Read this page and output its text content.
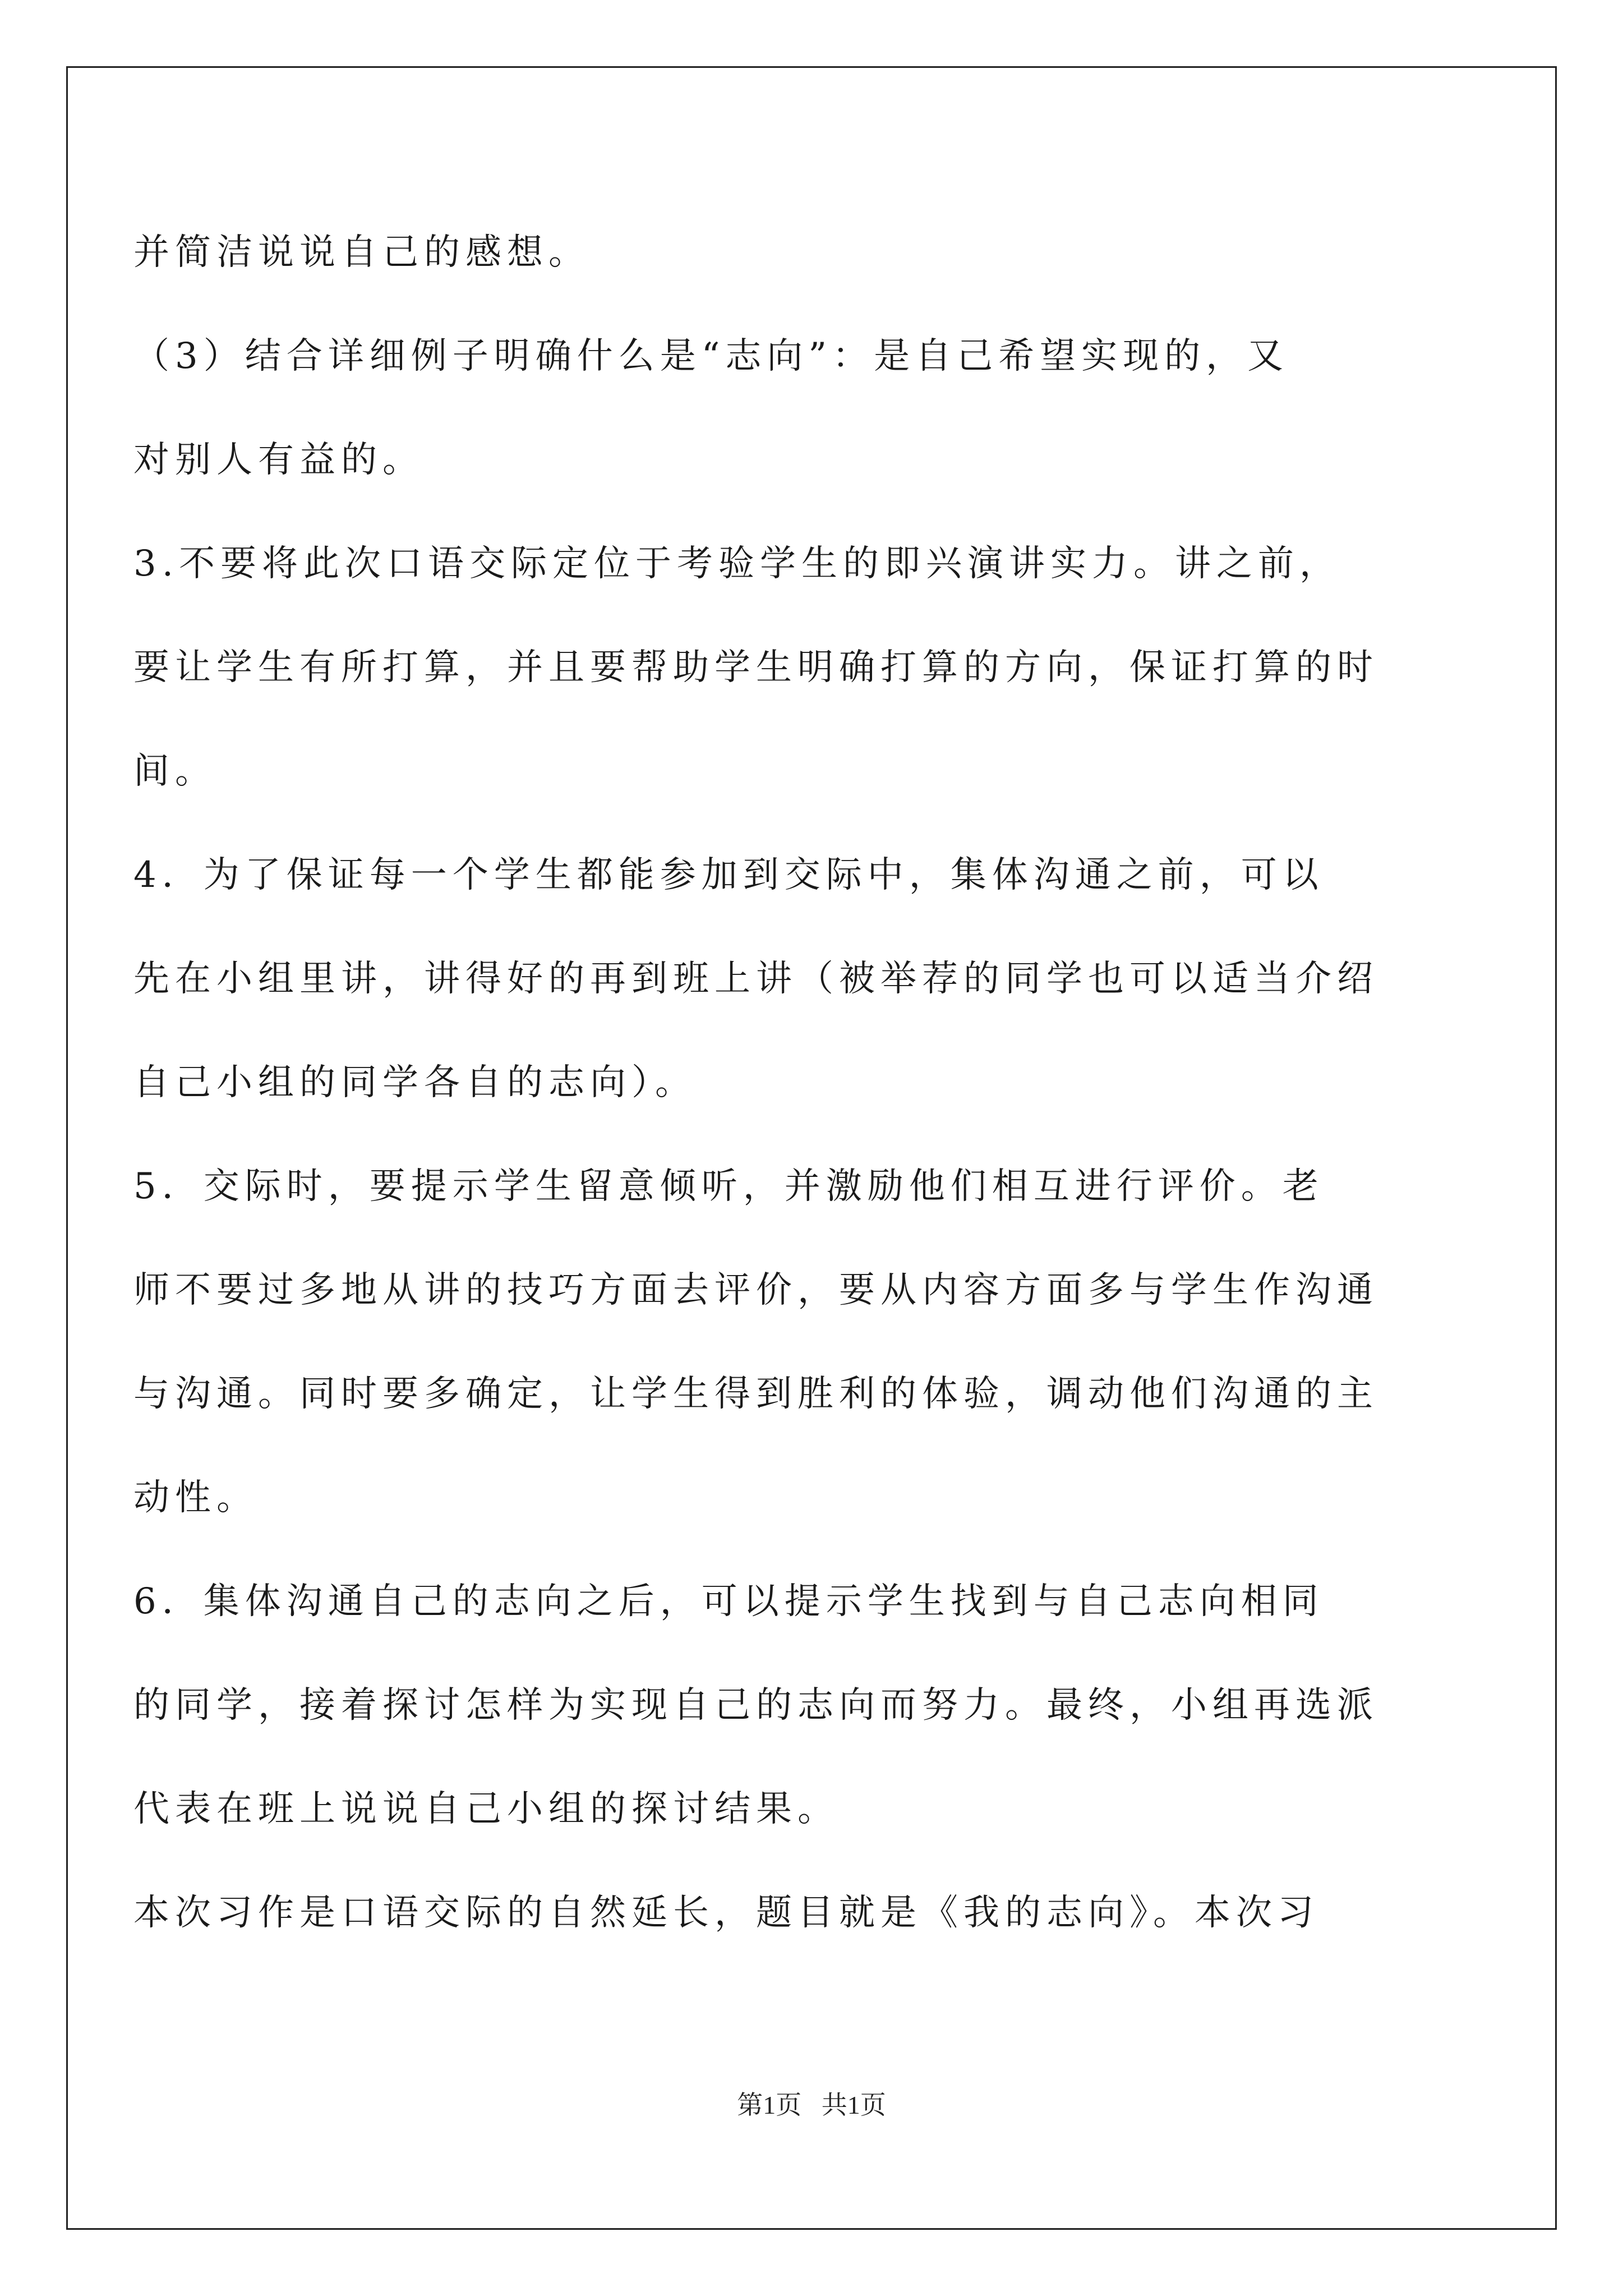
并简洁说说自己的感想。
（3）结合详细例子明确什么是“志向”：是自己希望实现的，又
对别人有益的。
3.不要将此次口语交际定位于考验学生的即兴演讲实力。讲之前，
要让学生有所打算，并且要帮助学生明确打算的方向，保证打算的时
间。
4．为了保证每一个学生都能参加到交际中，集体沟通之前，可以
先在小组里讲，讲得好的再到班上讲（被举荐的同学也可以适当介绍
自己小组的同学各自的志向）。
5．交际时，要提示学生留意倾听，并激励他们相互进行评价。老
师不要过多地从讲的技巧方面去评价，要从内容方面多与学生作沟通
与沟通。同时要多确定，让学生得到胜利的体验，调动他们沟通的主
动性。
6．集体沟通自己的志向之后，可以提示学生找到与自己志向相同
的同学，接着探讨怎样为实现自己的志向而努力。最终，小组再选派
代表在班上说说自己小组的探讨结果。
本次习作是口语交际的自然延长，题目就是《我的志向》。本次习
第1页 共1页
